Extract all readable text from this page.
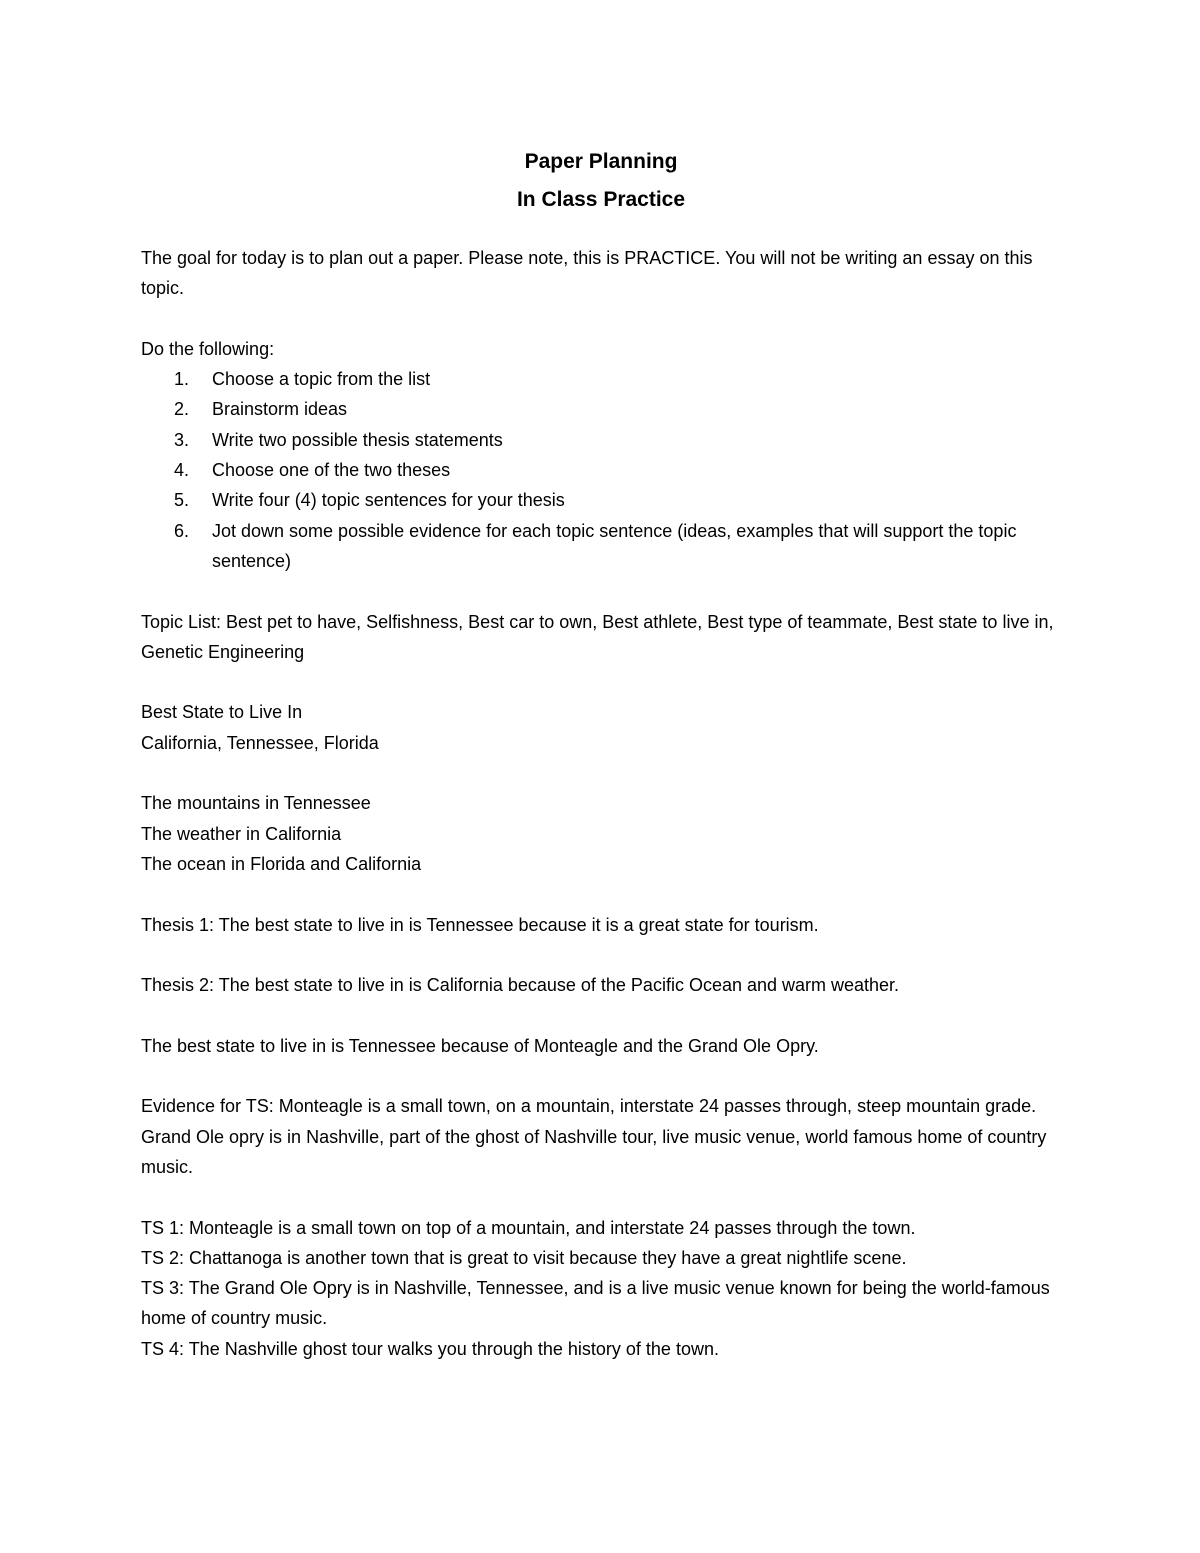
Paper Planning

In Class Practice

The goal for today is to plan out a paper. Please note, this is PRACTICE. You will not be writing an essay on this topic.

Do the following:

1. Choose a topic from the list
2. Brainstorm ideas
3. Write two possible thesis statements
4. Choose one of the two theses
5. Write four (4) topic sentences for your thesis
6. Jot down some possible evidence for each topic sentence (ideas, examples that will support the topic sentence)

Topic List: Best pet to have, Selfishness, Best car to own, Best athlete, Best type of teammate, Best state to live in, Genetic Engineering

Best State to Live In

California, Tennessee, Florida

The mountains in Tennessee

The weather in California

The ocean in Florida and California

Thesis 1: The best state to live in is Tennessee because it is a great state for tourism.

Thesis 2: The best state to live in is California because of the Pacific Ocean and warm weather.

The best state to live in is Tennessee because of Monteagle and the Grand Ole Opry.

Evidence for TS: Monteagle is a small town, on a mountain, interstate 24 passes through, steep mountain grade. Grand Ole opry is in Nashville, part of the ghost of Nashville tour, live music venue, world famous home of country music.

TS 1: Monteagle is a small town on top of a mountain, and interstate 24 passes through the town.

TS 2: Chattanoga is another town that is great to visit because they have a great nightlife scene.

TS 3: The Grand Ole Opry is in Nashville, Tennessee, and is a live music venue known for being the world-famous home of country music.

TS 4: The Nashville ghost tour walks you through the history of the town.
